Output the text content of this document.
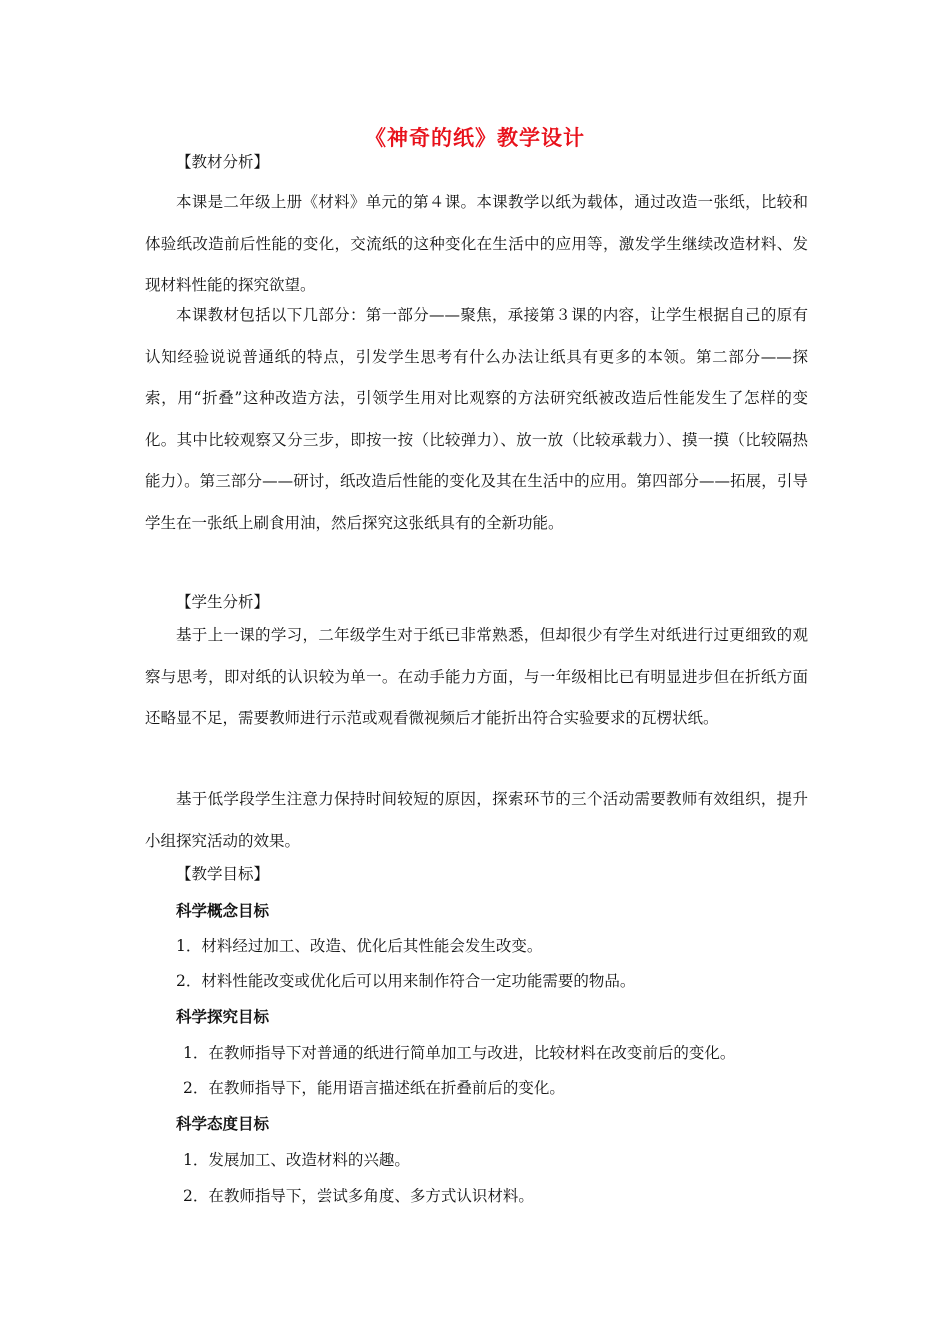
《神奇的纸》教学设计
【教材分析】

本课是二年级上册《材料》单元的第４课。本课教学以纸为载体，通过改造一张纸，比较和体验纸改造前后性能的变化，交流纸的这种变化在生活中的应用等，激发学生继续改造材料、发现材料性能的探究欲望。

本课教材包括以下几部分：第一部分——聚焦，承接第３课的内容，让学生根据自己的原有认知经验说说普通纸的特点，引发学生思考有什么办法让纸具有更多的本领。第二部分——探索，用“折叠”这种改造方法，引领学生用对比观察的方法研究纸被改造后性能发生了怎样的变化。其中比较观察又分三步，即按一按（比较弹力）、放一放（比较承载力）、摸一摸（比较隔热能力）。第三部分——研讨，纸改造后性能的变化及其在生活中的应用。第四部分——拓展，引导学生在一张纸上刷食用油，然后探究这张纸具有的全新功能。

【学生分析】

基于上一课的学习，二年级学生对于纸已非常熟悉，但却很少有学生对纸进行过更细致的观察与思考，即对纸的认识较为单一。在动手能力方面，与一年级相比已有明显进步但在折纸方面还略显不足，需要教师进行示范或观看微视频后才能折出符合实验要求的瓦楞状纸。

基于低学段学生注意力保持时间较短的原因，探索环节的三个活动需要教师有效组织，提升小组探究活动的效果。

【教学目标】
科学概念目标
1．材料经过加工、改造、优化后其性能会发生改变。
2．材料性能改变或优化后可以用来制作符合一定功能需要的物品。
科学探究目标
1．在教师指导下对普通的纸进行简单加工与改进，比较材料在改变前后的变化。
2．在教师指导下，能用语言描述纸在折叠前后的变化。
科学态度目标
1．发展加工、改造材料的兴趣。
2．在教师指导下，尝试多角度、多方式认识材料。
